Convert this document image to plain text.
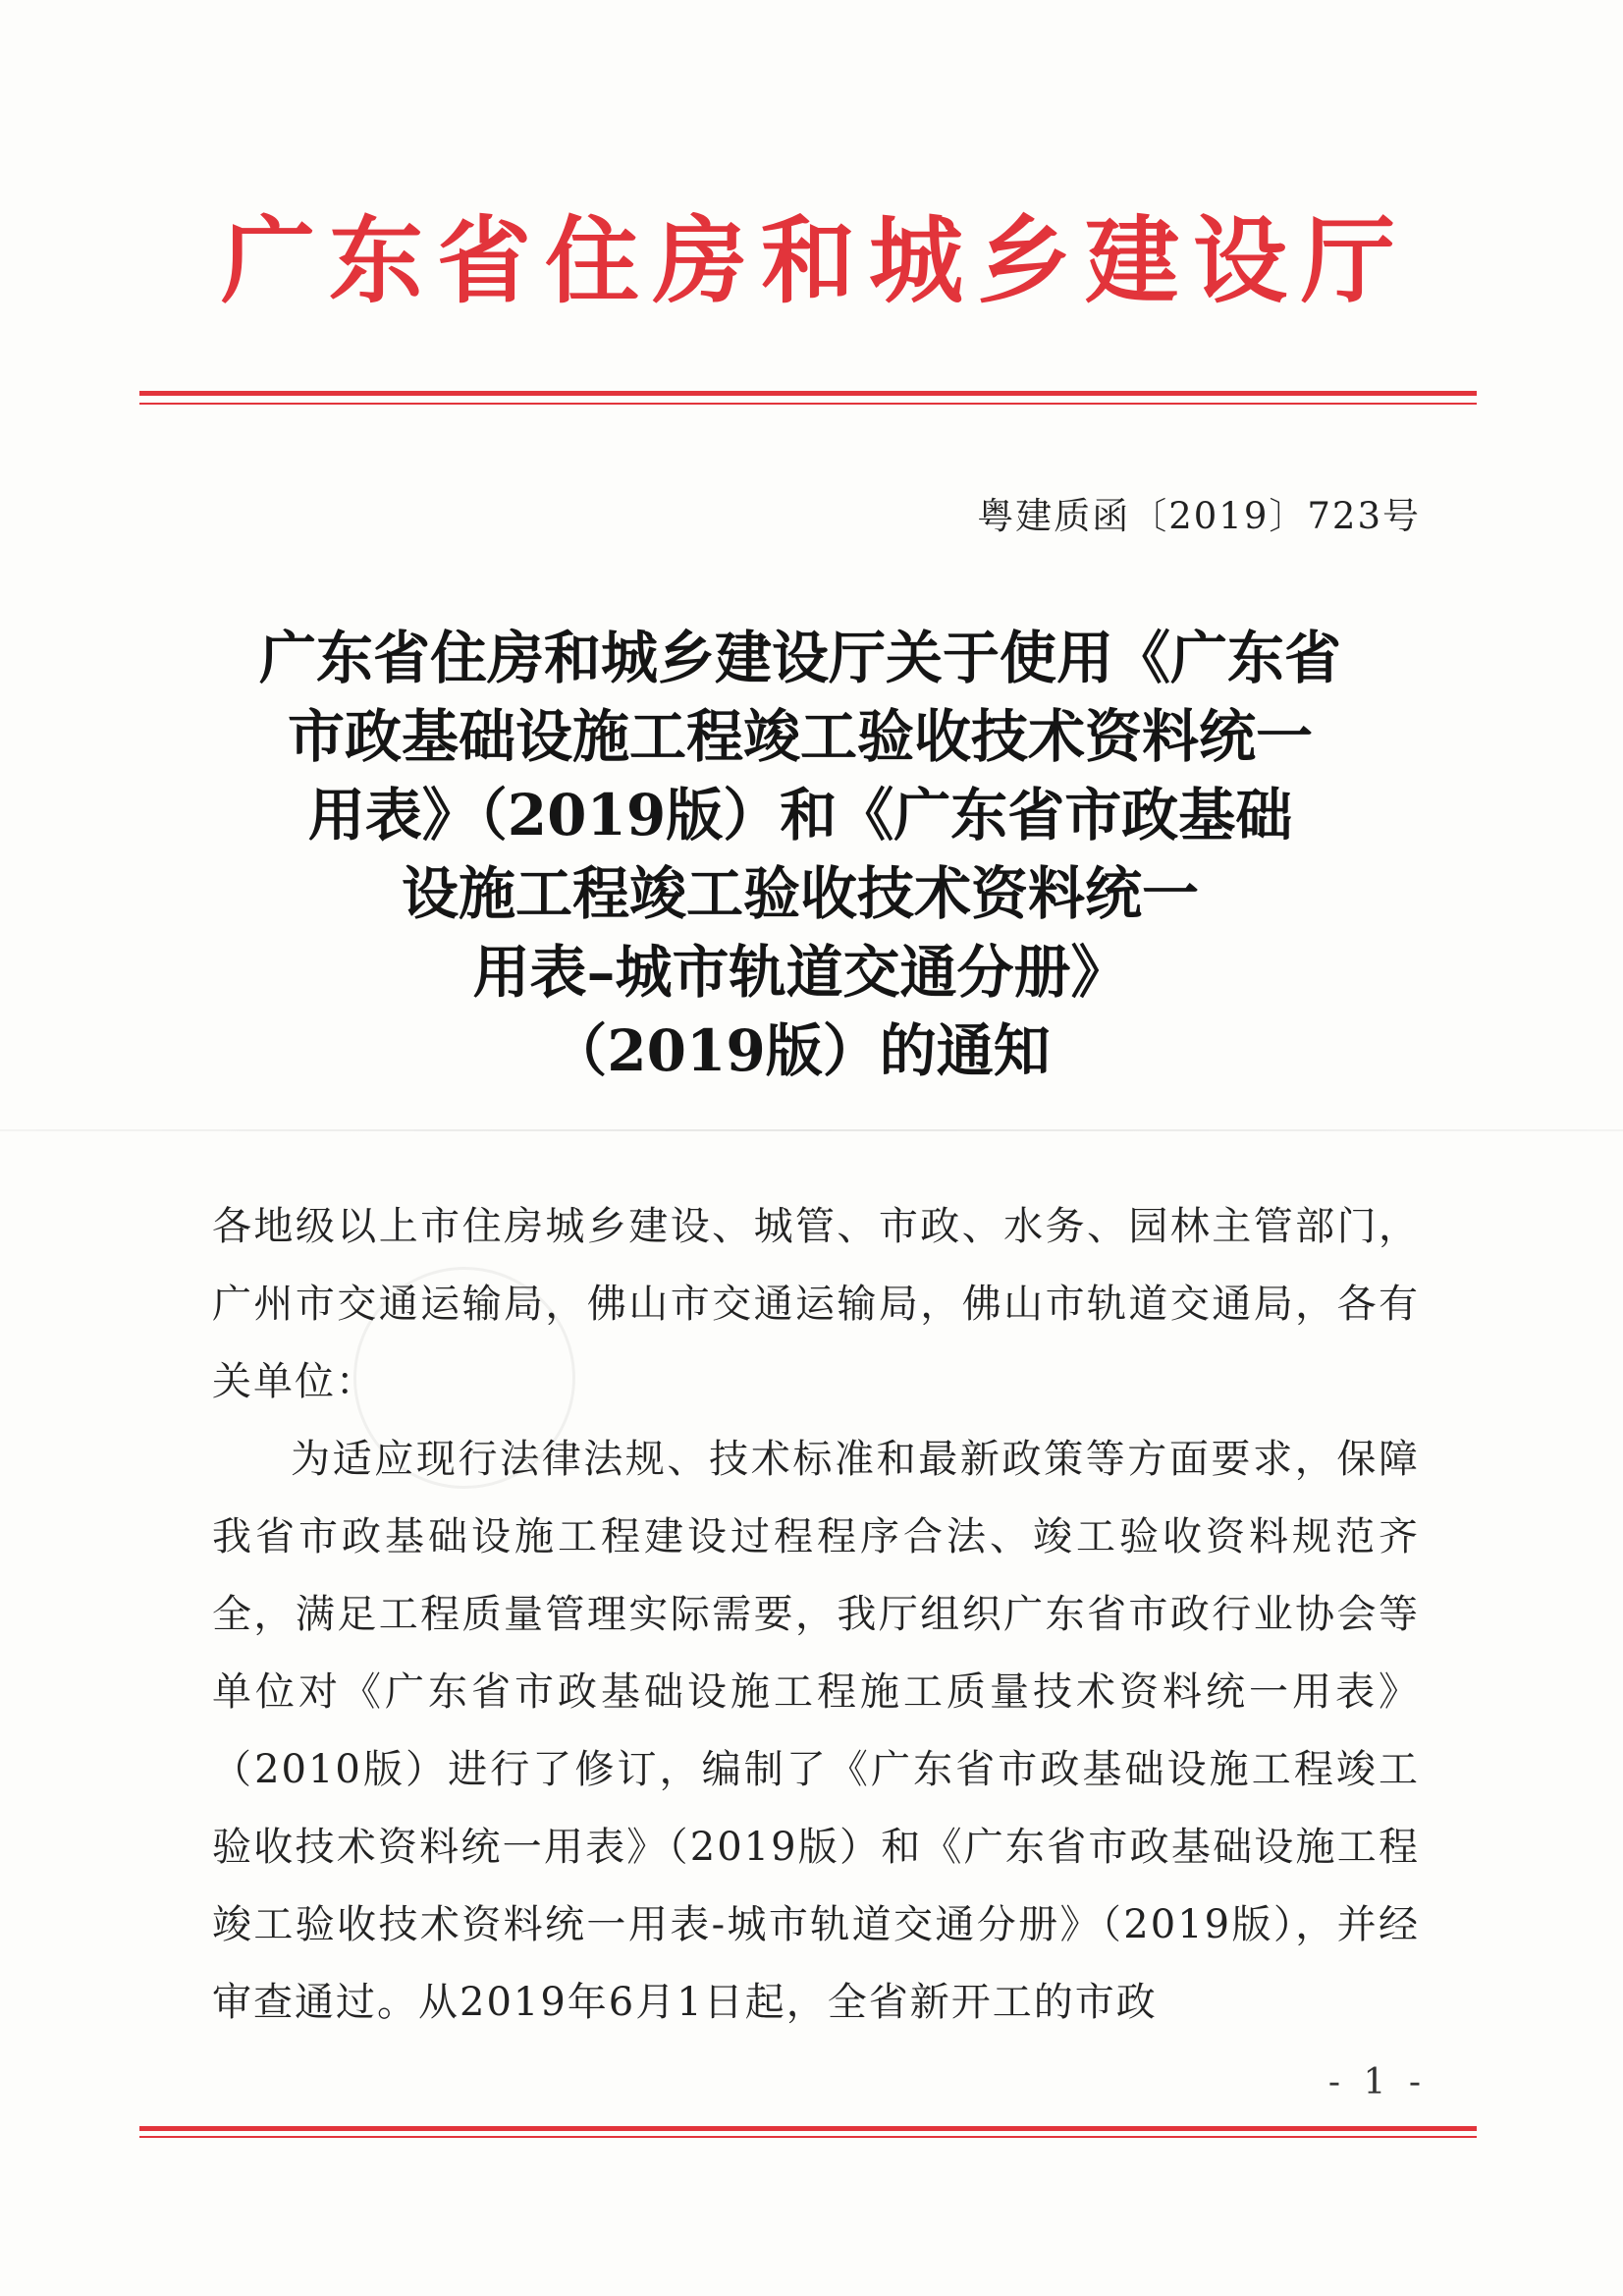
广东省住房和城乡建设厅
粤建质函〔2019〕723号
广东省住房和城乡建设厅关于使用《广东省
市政基础设施工程竣工验收技术资料统一
用表》（2019版）和《广东省市政基础
设施工程竣工验收技术资料统一
用表–城市轨道交通分册》
（2019版）的通知

各地级以上市住房城乡建设、城管、市政、水务、园林主管部门，广州市交通运输局，佛山市交通运输局，佛山市轨道交通局，各有关单位：

为适应现行法律法规、技术标准和最新政策等方面要求，保障我省市政基础设施工程建设过程程序合法、竣工验收资料规范齐全，满足工程质量管理实际需要，我厅组织广东省市政行业协会等单位对《广东省市政基础设施工程施工质量技术资料统一用表》（2010版）进行了修订，编制了《广东省市政基础设施工程竣工验收技术资料统一用表》（2019版）和《广东省市政基础设施工程竣工验收技术资料统一用表-城市轨道交通分册》（2019版），并经审查通过。从2019年6月1日起，全省新开工的市政

- 1 -
